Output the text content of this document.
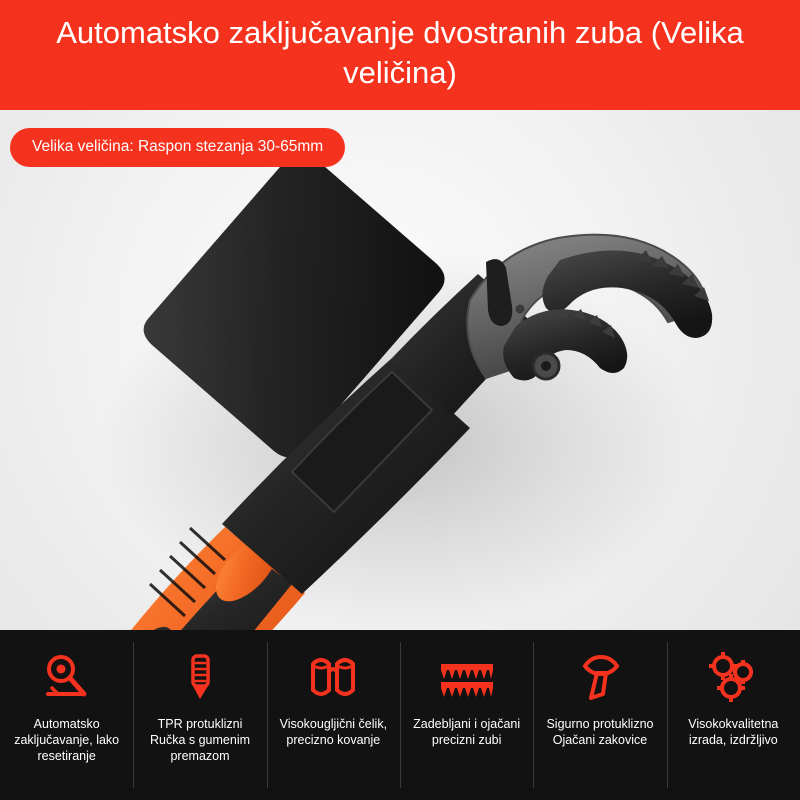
Automatsko zaključavanje dvostranih zuba (Velika veličina)
Velika veličina: Raspon stezanja 30-65mm
Automatsko zaključavanje, lako resetiranje
TPR protuklizni Ručka s gumenim premazom
Visokougljični čelik, precizno kovanje
Zadebljani i ojačani precizni zubi
Sigurno protuklizno Ojačani zakovice
Visokokvalitetna izrada, izdržljivo
